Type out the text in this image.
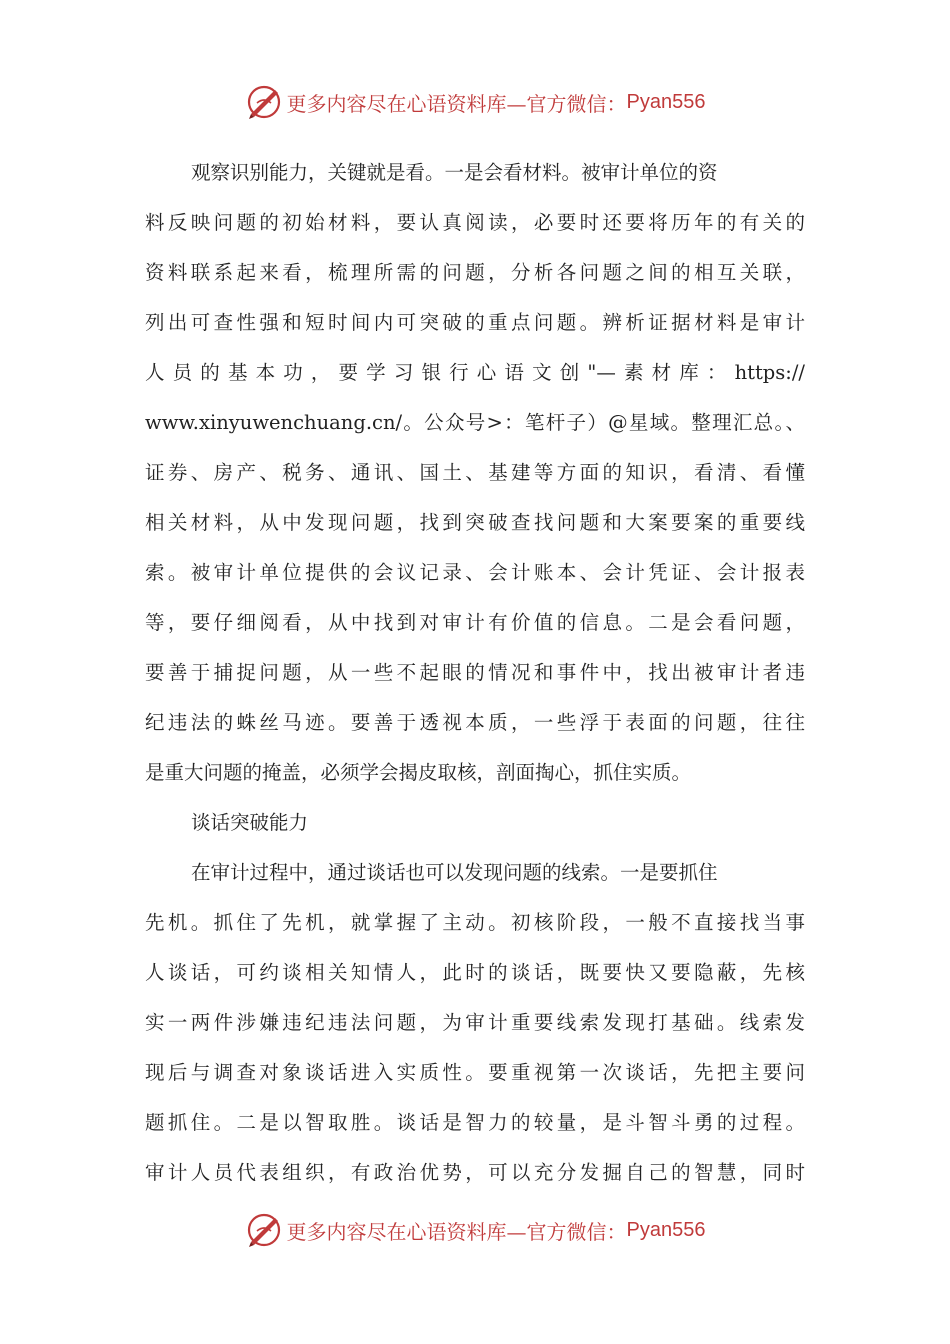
更多内容尽在心语资料库—官方微信： Pyan556
观察识别能力，关键就是看。一是会看材料。被审计单位的资
料反映问题的初始材料，要认真阅读，必要时还要将历年的有关的
资料联系起来看，梳理所需的问题，分析各问题之间的相互关联，
列出可查性强和短时间内可突破的重点问题。辨析证据材料是审计
人员的基本功，要学习银行心语文创"—素材库：https://
www.xinyuwenchuang.cn/。公众号>：笔杆子）@星域。整理汇总。、
证券、房产、税务、通讯、国土、基建等方面的知识，看清、看懂
相关材料，从中发现问题，找到突破查找问题和大案要案的重要线
索。被审计单位提供的会议记录、会计账本、会计凭证、会计报表
等，要仔细阅看，从中找到对审计有价值的信息。二是会看问题，
要善于捕捉问题，从一些不起眼的情况和事件中，找出被审计者违
纪违法的蛛丝马迹。要善于透视本质，一些浮于表面的问题，往往
是重大问题的掩盖，必须学会揭皮取核，剖面掏心，抓住实质。
谈话突破能力
在审计过程中，通过谈话也可以发现问题的线索。一是要抓住
先机。抓住了先机，就掌握了主动。初核阶段，一般不直接找当事
人谈话，可约谈相关知情人，此时的谈话，既要快又要隐蔽，先核
实一两件涉嫌违纪违法问题，为审计重要线索发现打基础。线索发
现后与调查对象谈话进入实质性。要重视第一次谈话，先把主要问
题抓住。二是以智取胜。谈话是智力的较量，是斗智斗勇的过程。
审计人员代表组织，有政治优势，可以充分发掘自己的智慧，同时
更多内容尽在心语资料库—官方微信： Pyan556
